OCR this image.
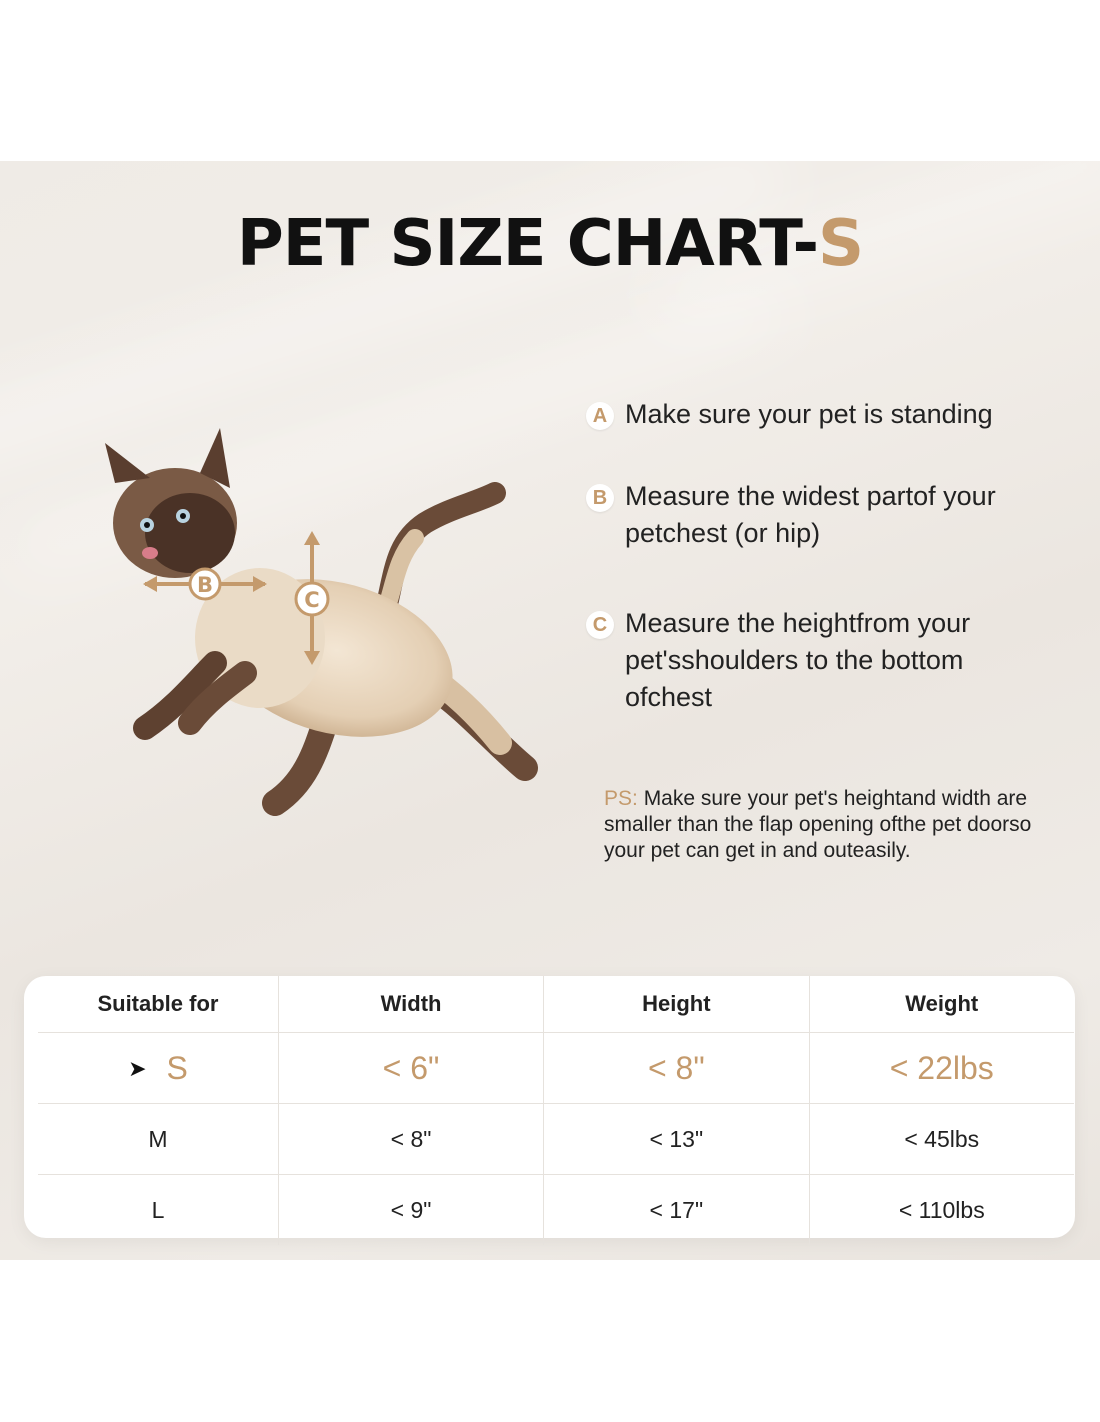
PET SIZE CHART-S
B
C
A Make sure your pet is standing
B Measure the widest partof your petchest (or hip)
C Measure the heightfrom your pet'sshoulders to the bottom ofchest
PS: Make sure your pet's heightand width are smaller than the flap opening ofthe pet doorso your pet can get in and outeasily.
Suitable for	Width	Height	Weight
➤ S	< 6"	< 8"	< 22lbs
M	< 8"	< 13"	< 45lbs
L	< 9"	< 17"	< 110lbs
